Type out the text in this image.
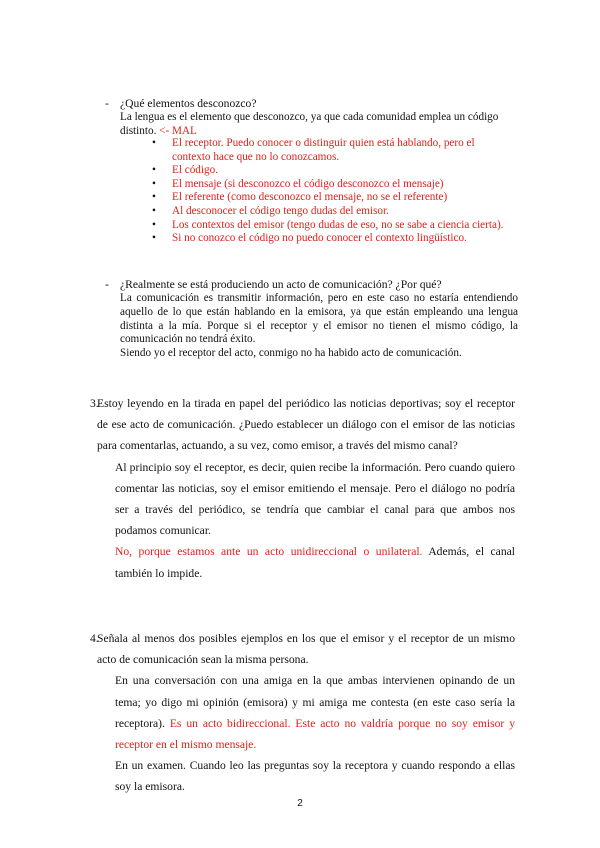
- ¿Qué elementos desconozco?
La lengua es el elemento que desconozco, ya que cada comunidad emplea un código distinto. <- MAL
• El receptor. Puedo conocer o distinguir quien está hablando, pero el contexto hace que no lo conozcamos.
• El código.
• El mensaje (si desconozco el código desconozco el mensaje)
• El referente (como desconozco el mensaje, no se el referente)
• Al desconocer el código tengo dudas del emisor.
• Los contextos del emisor (tengo dudas de eso, no se sabe a ciencia cierta).
• Si no conozco el código no puedo conocer el contexto lingüístico.
- ¿Realmente se está produciendo un acto de comunicación? ¿Por qué?
La comunicación es transmitir información, pero en este caso no estaría entendiendo aquello de lo que están hablando en la emisora, ya que están empleando una lengua distinta a la mía. Porque si el receptor y el emisor no tienen el mismo código, la comunicación no tendrá éxito.
Siendo yo el receptor del acto, conmigo no ha habido acto de comunicación.
3.

Estoy leyendo en la tirada en papel del periódico las noticias deportivas; soy el receptor de ese acto de comunicación. ¿Puedo establecer un diálogo con el emisor de las noticias para comentarlas, actuando, a su vez, como emisor, a través del mismo canal?

Al principio soy el receptor, es decir, quien recibe la información. Pero cuando quiero comentar las noticias, soy el emisor emitiendo el mensaje. Pero el diálogo no podría ser a través del periódico, se tendría que cambiar el canal para que ambos nos podamos comunicar.

No, porque estamos ante un acto unidireccional o unilateral. Además, el canal también lo impide.

4.

Señala al menos dos posibles ejemplos en los que el emisor y el receptor de un mismo acto de comunicación sean la misma persona.

En una conversación con una amiga en la que ambas intervienen opinando de un tema; yo digo mi opinión (emisora) y mi amiga me contesta (en este caso sería la receptora). Es un acto bidireccional. Este acto no valdría porque no soy emisor y receptor en el mismo mensaje.

En un examen. Cuando leo las preguntas soy la receptora y cuando respondo a ellas soy la emisora.

2
